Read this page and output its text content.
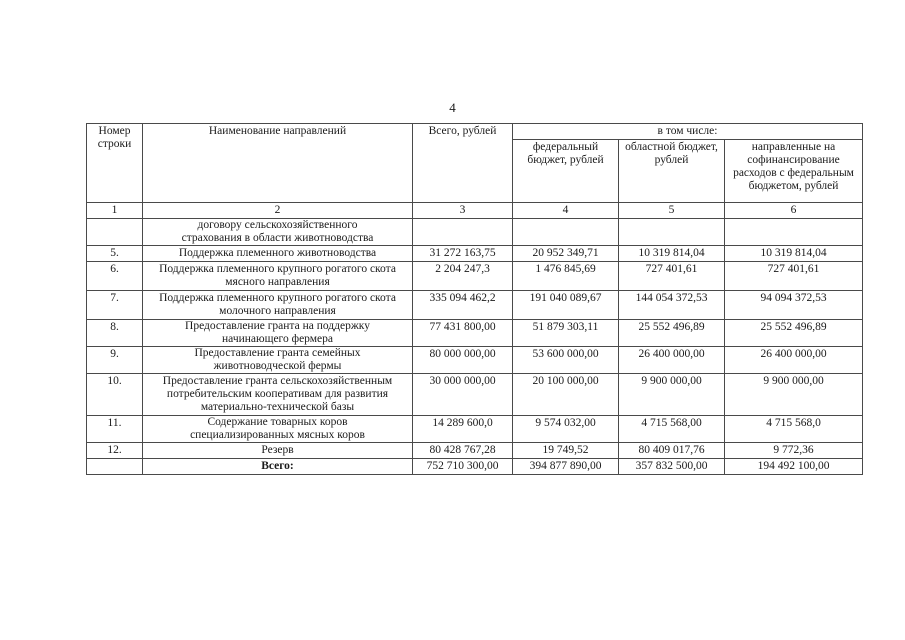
4
Номер строки	Наименование направлений	Всего, рублей	в том числе:		
			федеральный бюджет, рублей	областной бюджет, рублей	направленные на софинансирование расходов с федеральным бюджетом, рублей
1	2	3	4	5	6
	договору сельскохозяйственного страхования в области животноводства				
5.	Поддержка племенного животноводства	31 272 163,75	20 952 349,71	10 319 814,04	10 319 814,04
6.	Поддержка племенного крупного рогатого скота мясного направления	2 204 247,3	1 476 845,69	727 401,61	727 401,61
7.	Поддержка племенного крупного рогатого скота молочного направления	335 094 462,2	191 040 089,67	144 054 372,53	94 094 372,53
8.	Предоставление гранта на поддержку начинающего фермера	77 431 800,00	51 879 303,11	25 552 496,89	25 552 496,89
9.	Предоставление гранта семейных животноводческой фермы	80 000 000,00	53 600 000,00	26 400 000,00	26 400 000,00
10.	Предоставление гранта сельскохозяйственным потребительским кооперативам для развития материально-технической базы	30 000 000,00	20 100 000,00	9 900 000,00	9 900 000,00
11.	Содержание товарных коров специализированных мясных коров	14 289 600,0	9 574 032,00	4 715 568,00	4 715 568,0
12.	Резерв	80 428 767,28	19 749,52	80 409 017,76	9 772,36
	Всего:	752 710 300,00	394 877 890,00	357 832 500,00	194 492 100,00
